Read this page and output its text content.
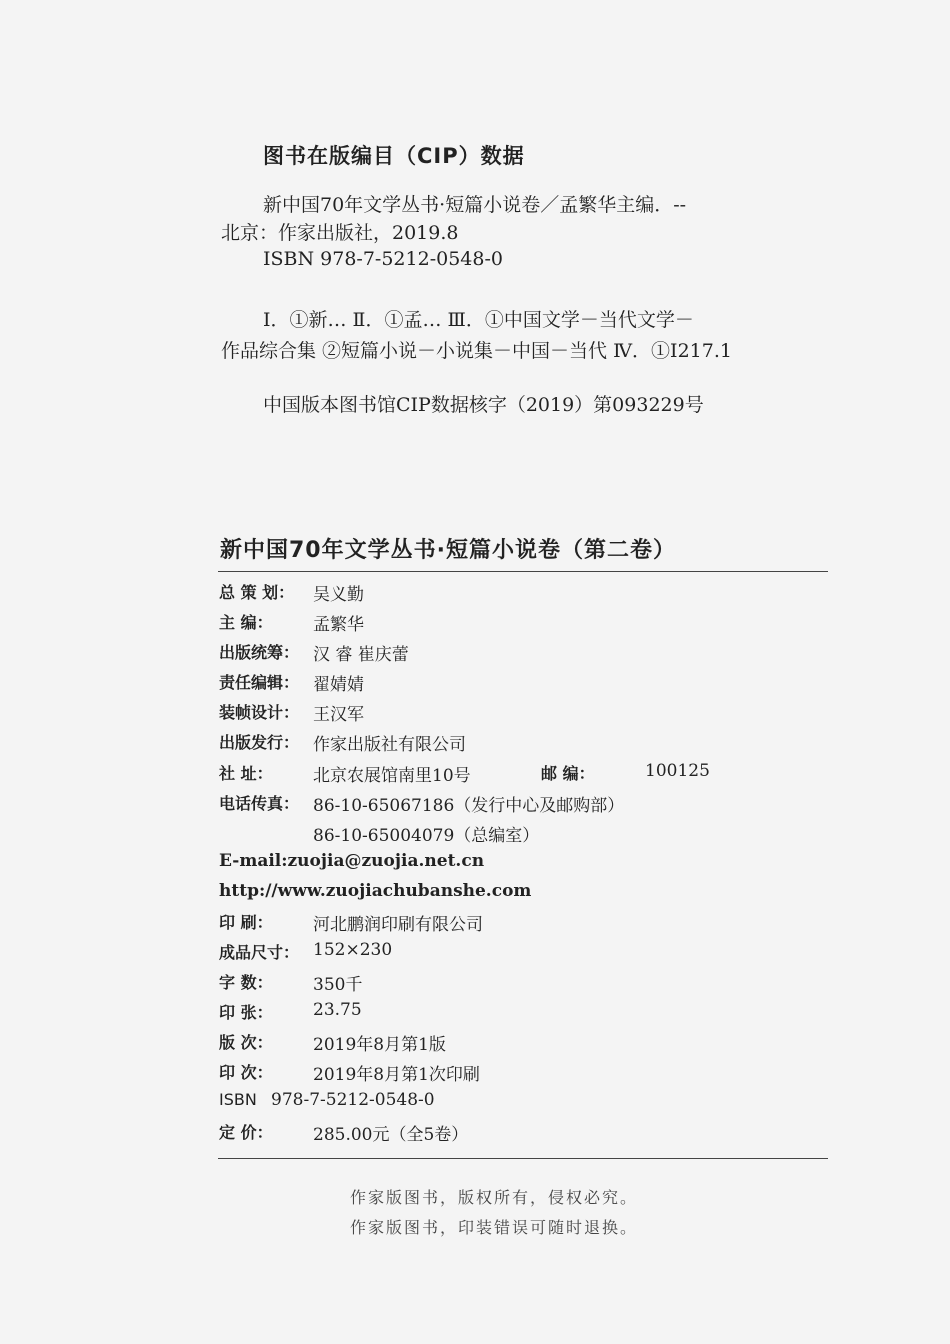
图书在版编目（CIP）数据
新中国70年文学丛书·短篇小说卷／孟繁华主编．--
北京：作家出版社，2019.8
ISBN 978-7-5212-0548-0
Ⅰ．①新… Ⅱ．①孟… Ⅲ．①中国文学－当代文学－
作品综合集 ②短篇小说－小说集－中国－当代 Ⅳ．①I217.1
中国版本图书馆CIP数据核字（2019）第093229号
新中国70年文学丛书·短篇小说卷（第二卷）
总 策 划： 吴义勤
主 编： 孟繁华
出版统筹： 汉 睿 崔庆蕾
责任编辑： 翟婧婧
装帧设计： 王汉军
出版发行： 作家出版社有限公司
社 址： 北京农展馆南里10号	邮 编：	100125
电话传真： 86-10-65067186（发行中心及邮购部）
86-10-65004079（总编室）
E-mail:zuojia@zuojia.net.cn
http://www.zuojiachubanshe.com
印 刷： 河北鹏润印刷有限公司
成品尺寸： 152×230
字 数： 350千
印 张： 23.75
版 次： 2019年8月第1版
印 次： 2019年8月第1次印刷
ISBN 978-7-5212-0548-0
定 价： 285.00元（全5卷）
作家版图书，版权所有，侵权必究。
作家版图书，印装错误可随时退换。
